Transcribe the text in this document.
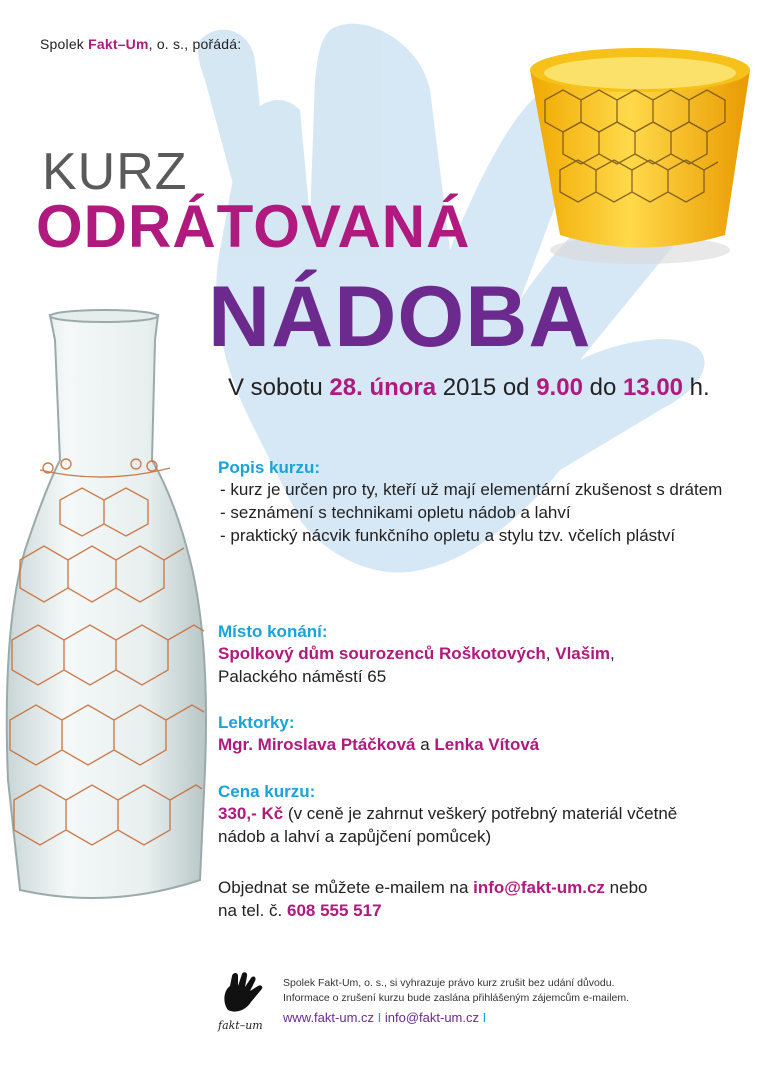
Spolek Fakt–Um, o. s., pořádá:
KURZ
ODRÁTOVANÁ
NÁDOBA
V sobotu 28. února 2015 od 9.00 do 13.00 h.
Popis kurzu:
- kurz je určen pro ty, kteří už mají elementární zkušenost s drátem
- seznámení s technikami opletu nádob a lahví
- praktický nácvik funkčního opletu a stylu tzv. včelích pláství
Místo konání:
Spolkový dům sourozenců Roškotových, Vlašim,
Palackého náměstí 65
Lektorky:
Mgr. Miroslava Ptáčková a Lenka Vítová
Cena kurzu:
330,- Kč (v ceně je zahrnut veškerý potřebný materiál včetně nádob a lahví a zapůjčení pomůcek)
Objednat se můžete e-mailem na info@fakt-um.cz nebo na tel. č. 608 555 517
fakt–um
Spolek Fakt-Um, o. s., si vyhrazuje právo kurz zrušit bez udání důvodu.
Informace o zrušení kurzu bude zaslána přihlášeným zájemcům e-mailem.
www.fakt-um.cz I info@fakt-um.cz I
